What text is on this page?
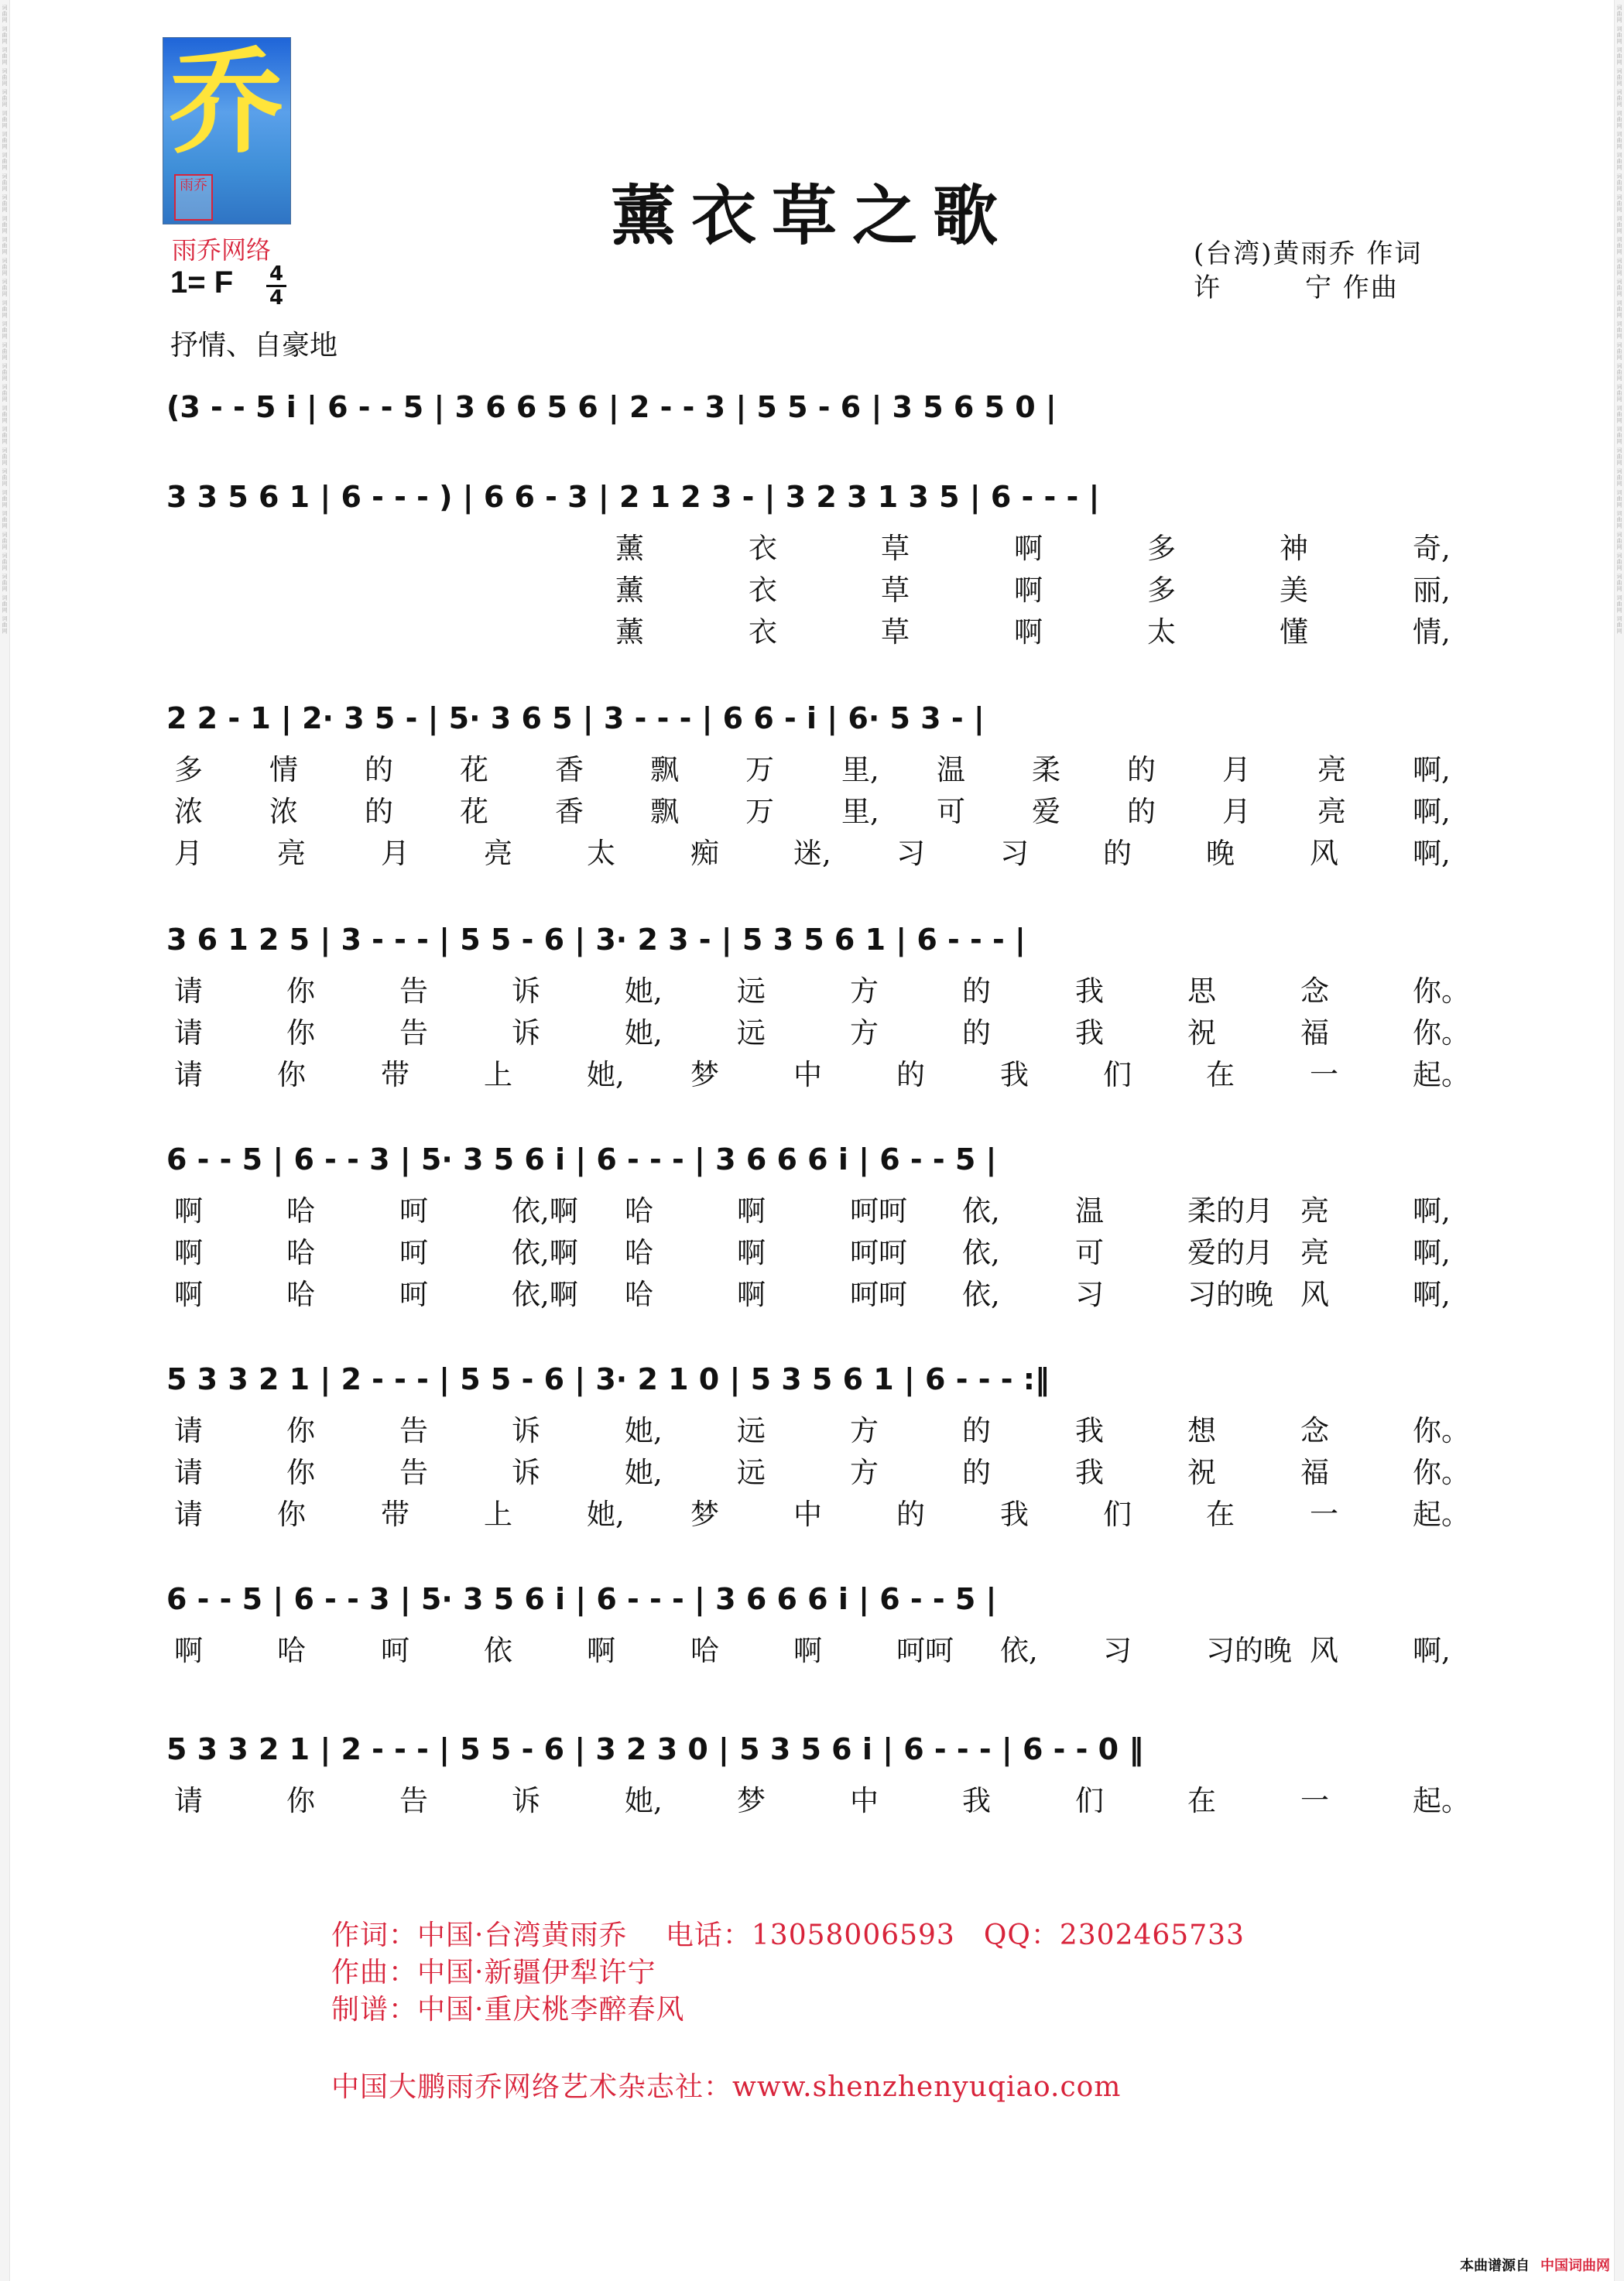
词曲网 词曲网 词曲网 词曲网 词曲网 词曲网 词曲网 词曲网 词曲网 词曲网 词曲网 词曲网 词曲网 词曲网 词曲网 词曲网 词曲网 词曲网 词曲网 词曲网 词曲网 词曲网 词曲网 词曲网 词曲网 词曲网 词曲网 词曲网 词曲网 词曲网	词曲网 词曲网 词曲网 词曲网 词曲网 词曲网 词曲网 词曲网 词曲网 词曲网 词曲网 词曲网 词曲网 词曲网 词曲网 词曲网 词曲网 词曲网 词曲网 词曲网 词曲网 词曲网 词曲网 词曲网 词曲网 词曲网 词曲网 词曲网 词曲网 词曲网
乔
雨乔
雨乔网络	薰衣草之歌	(台湾)黄雨乔 作词
许　　　宁 作曲
1= F 4
4
抒情、自豪地
(3 - - 5 i | 6 - - 5 | 3 6 6 5 6 | 2 - - 3 | 5 5 - 6 | 3 5 6 5 0 |
3 3 5 6 1 | 6 - - - ) | 6 6 - 3 | 2 1 2 3 - | 3 2 3 1 3 5 | 6 - - - |
薰	衣	草	啊	多	神	奇,
薰	衣	草	啊	多	美	丽,
薰	衣	草	啊	太	懂	情,
2 2 - 1 | 2· 3 5 - | 5· 3 6 5 | 3 - - - | 6 6 - i | 6· 5 3 - |
多 情 的 花 香 飘 万 里, 温 柔 的 月 亮 啊,
浓 浓 的 花 香 飘 万 里, 可 爱 的 月 亮 啊,
月	亮	月	亮	太	痴	迷, 习	习	的	晚	风	啊,
3 6 1 2 5 | 3 - - - | 5 5 - 6 | 3· 2 3 - | 5 3 5 6 1 | 6 - - - |
请	你	告	诉	她,	远	方	的	我	思	念	你。
请	你	告	诉	她,	远	方	的	我	祝	福	你。
请	你	带	上	她, 梦	中	的	我	们	在	一	起。
6 - - 5 | 6 - - 3 | 5· 3 5 6 i | 6 - - - | 3 6 6 6 i | 6 - - 5 |
啊	哈	呵	依,啊 哈	啊	呵呵 依,	温	柔的月 亮	啊,
啊	哈	呵	依,啊 哈	啊	呵呵 依,	可	爱的月 亮	啊,
啊	哈	呵	依,啊 哈	啊	呵呵 依,	习	习的晚 风	啊,
5 3 3 2 1 | 2 - - - | 5 5 - 6 | 3· 2 1 0 | 5 3 5 6 1 | 6 - - - :‖
请	你	告	诉	她,	远	方	的	我	想	念	你。
请	你	告	诉	她,	远	方	的	我	祝	福	你。
请	你	带	上	她, 梦	中	的	我	们	在	一	起。
6 - - 5 | 6 - - 3 | 5· 3 5 6 i | 6 - - - | 3 6 6 6 i | 6 - - 5 |
啊	哈	呵	依	啊	哈	啊	呵呵 依, 习	习的晚 风	啊,
5 3 3 2 1 | 2 - - - | 5 5 - 6 | 3 2 3 0 | 5 3 5 6 i | 6 - - - | 6 - - 0 ‖
请	你	告	诉	她,	梦	中	我	们	在	一	起。
作词：中国·台湾黄雨乔　 电话：13058006593　QQ：2302465733
作曲：中国·新疆伊犁许宁
制谱：中国·重庆桃李醉春风
中国大鹏雨乔网络艺术杂志社：www.shenzhenyuqiao.com
本曲谱源自 中国词曲网
